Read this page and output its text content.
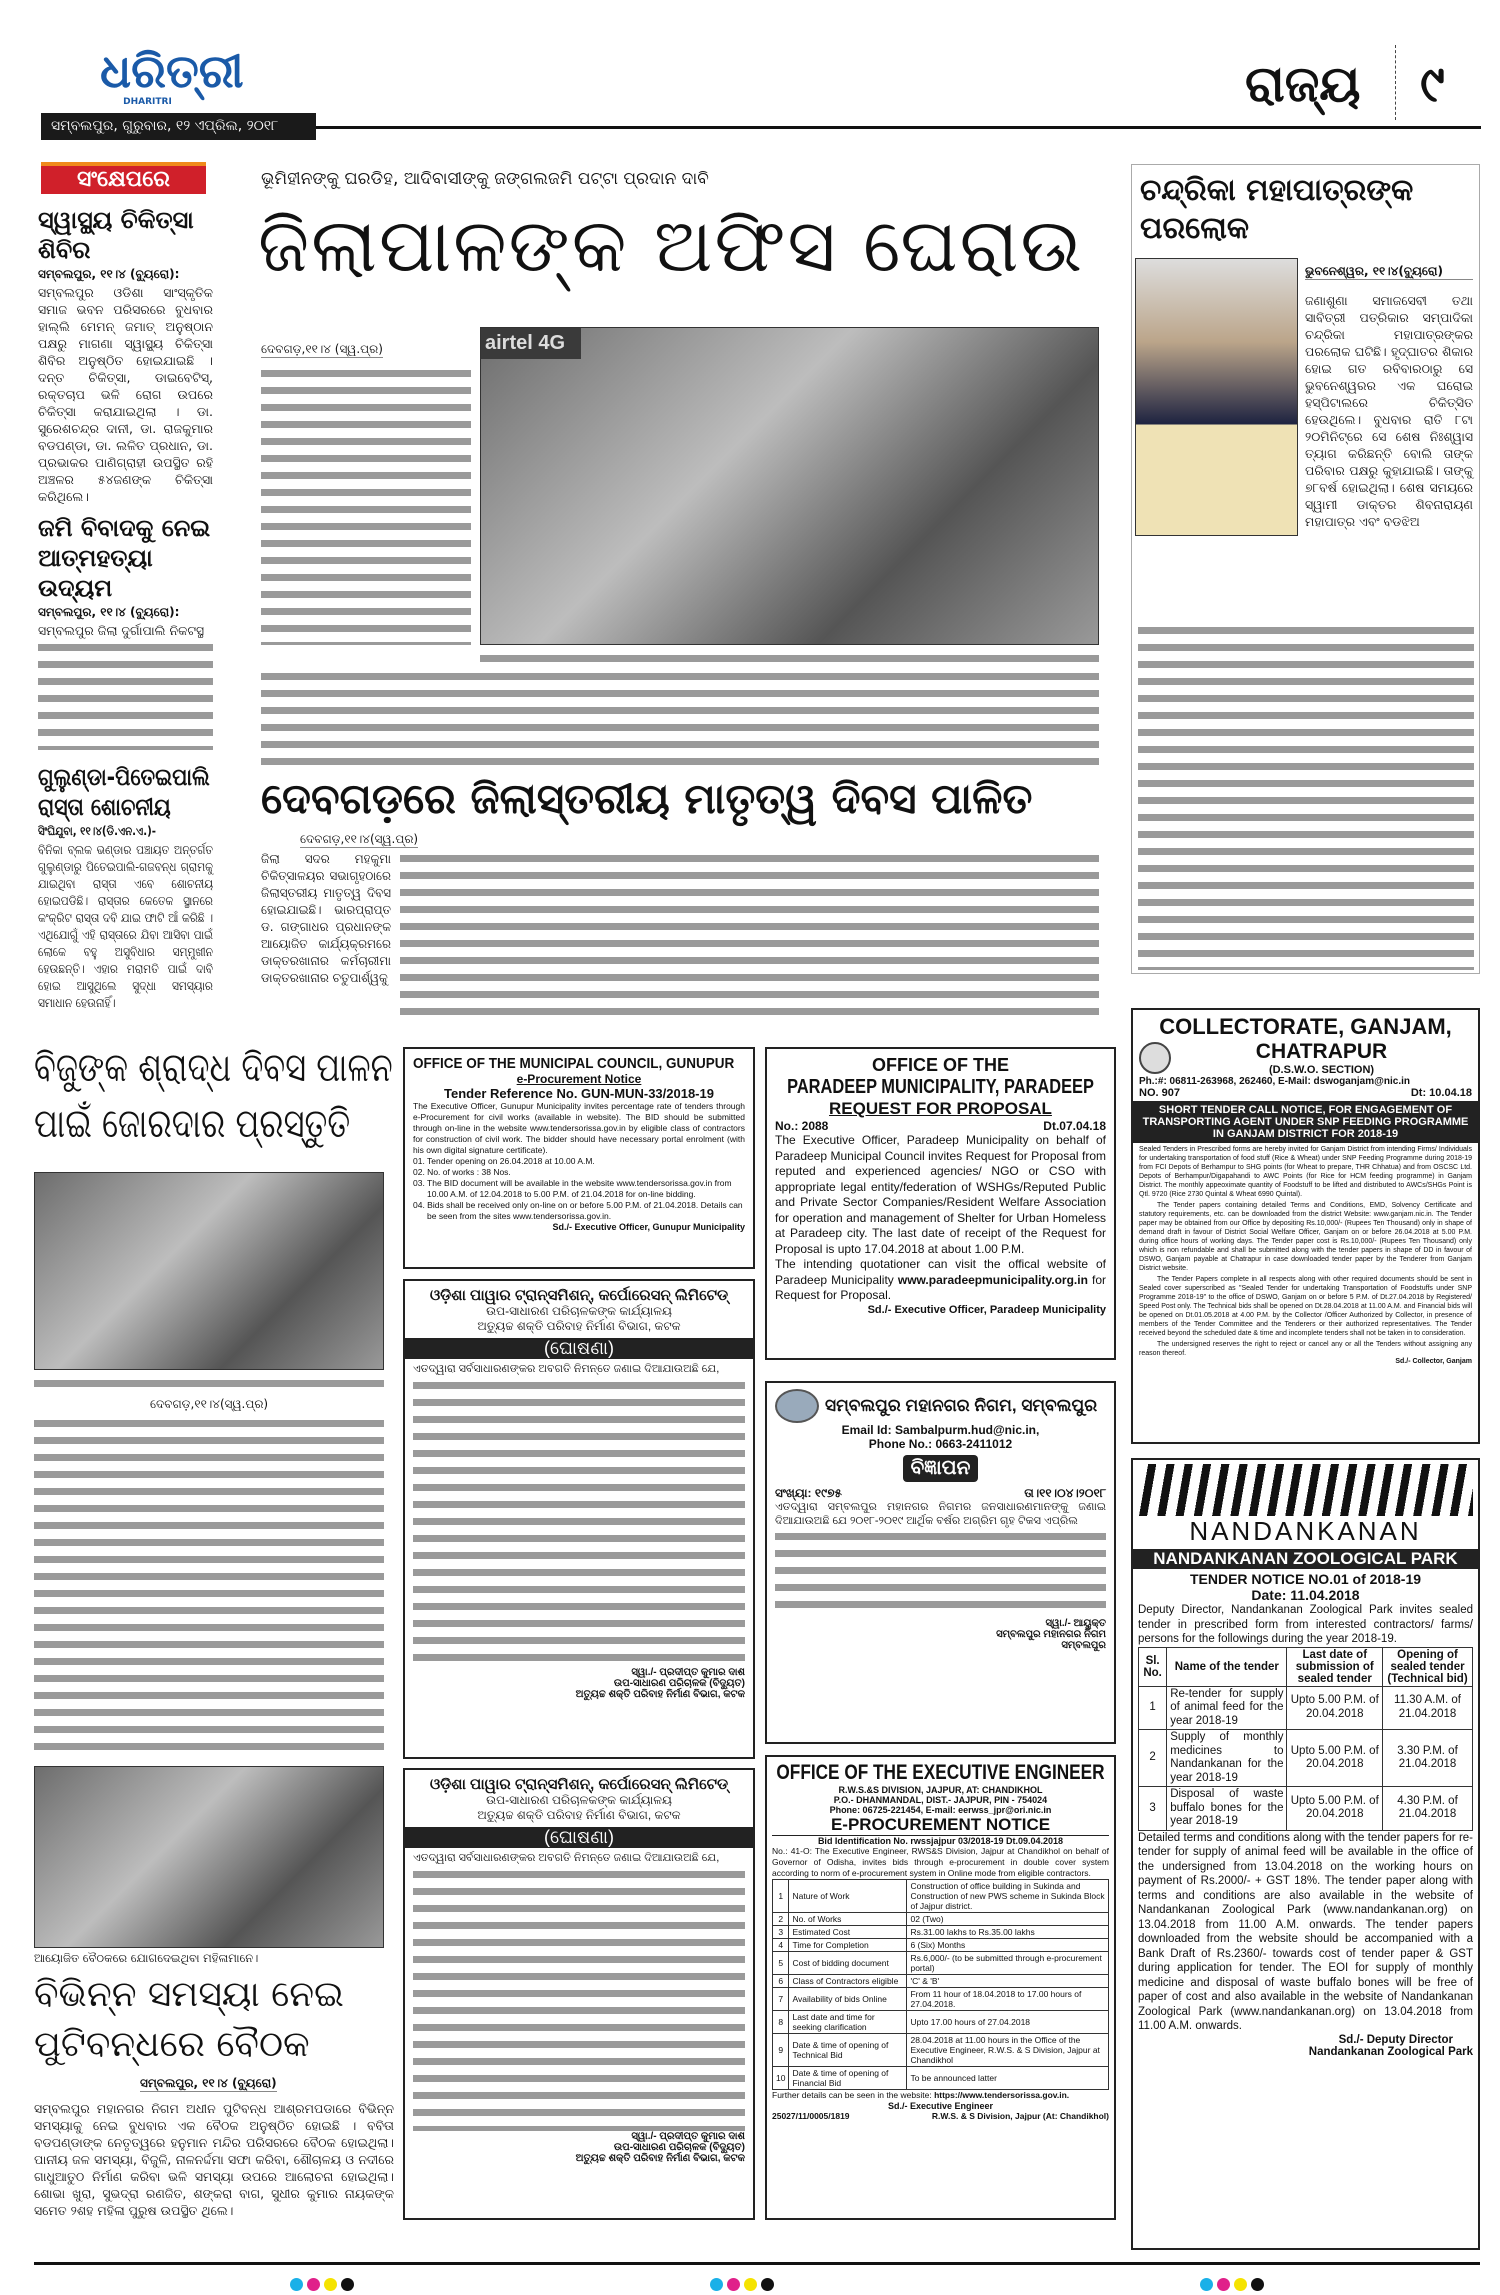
ଧରିତ୍ରୀ
DHARITRI
ସମ୍ବଲପୁର, ଗୁରୁବାର, ୧୨ ଏପ୍ରିଲ, ୨୦୧୮
ରାଜ୍ୟ ୯
ସଂକ୍ଷେପରେ
ସ୍ୱାସ୍ଥ୍ୟ ଚିକିତ୍ସା ଶିବିର
ସମ୍ବଲପୁର, ୧୧।୪ (ବ୍ୟୁରୋ):
ସମ୍ବଲପୁର ଓଡିଶା ସାଂସ୍କୃତିକ ସମାଜ ଭବନ ପରିସରରେ ବୁଧବାର ହାଲ୍ଲି ମେମନ୍ ଜମାତ୍ ଅନୁଷ୍ଠାନ ପକ୍ଷରୁ ମାଗଣା ସ୍ୱାସ୍ଥ୍ୟ ଚିକିତ୍ସା ଶିବିର ଅନୁଷ୍ଠିତ ହୋଇଯାଇଛି । ଦନ୍ତ ଚିକିତ୍ସା, ଡାଇବେଟିସ୍, ରକ୍ତଚାପ ଭଳି ରୋଗ ଉପରେ ଚିକିତ୍ସା କରାଯାଇଥିଲା । ଡା. ସୁରେଶଚନ୍ଦ୍ର ଦାନୀ, ଡା. ରାଜକୁମାର ବଡପଣ୍ଡା, ଡା. ଲଳିତ ପ୍ରଧାନ, ଡା. ପ୍ରଭାକର ପାଣିଗ୍ରାହୀ ଉପସ୍ଥିତ ରହି ଅଞ୍ଚଳର ୫୪ଜଣଙ୍କ ଚିକିତ୍ସା କରିଥିଲେ।
ଜମି ବିବାଦକୁ ନେଇ ଆତ୍ମହତ୍ୟା ଉଦ୍ୟମ
ସମ୍ବଲପୁର, ୧୧।୪ (ବ୍ୟୁରୋ):
ସମ୍ବଲପୁର ଜିଲା ଦୁର୍ଗାପାଲି ନିକଟସ୍ଥ
ଗୁଲୁଣ୍ଡା-ପିତେଇପାଲି ରାସ୍ତା ଶୋଚନୀୟ
ସିଂଘିଯୁବା, ୧୧।୪(ଡି.ଏନ.ଏ.)-
ବିନିକା ବ୍ଲକ ଭଣ୍ଡାର ପଞ୍ଚାୟତ ଅନ୍ତର୍ଗତ ଗୁଲୁଣ୍ଡାରୁ ପିତେଇପାଲି-ଗଜବନ୍ଧ ଗ୍ରାମକୁ ଯାଇଥିବା ରାସ୍ତା ଏବେ ଶୋଚନୀୟ ହୋଇପଡିଛି। ରାସ୍ତାର କେତେକ ସ୍ଥାନରେ କଂକ୍ରିଟ ରାସ୍ତା ଦବି ଯାଇ ଫାଟି ଆଁ କରିଛି । ଏଥିଯୋଗୁଁ ଏହି ରାସ୍ତାରେ ଯିବା ଆସିବା ପାଇଁ ଲୋକେ ବହୁ ଅସୁବିଧାର ସମ୍ମୁଖୀନ ହେଉଛନ୍ତି। ଏହାର ମରାମତି ପାଇଁ ଦାବି ହୋଇ ଆସୁଥିଲେ ସୁଦ୍ଧା ସମସ୍ୟାର ସମାଧାନ ହେଉନାହିଁ।
ଭୂମିହୀନଙ୍କୁ ଘରଡିହ, ଆଦିବାସୀଙ୍କୁ ଜଙ୍ଗଲଜମି ପଟ୍ଟା ପ୍ରଦାନ ଦାବି
ଜିଲାପାଳଙ୍କ ଅଫିସ ଘେରାଉ
ଦେବଗଡ଼,୧୧।୪ (ସ୍ୱ.ପ୍ର)	airtel 4G
ଚନ୍ଦ୍ରିକା ମହାପାତ୍ରଙ୍କ ପରଲୋକ
ଭୁବନେଶ୍ୱର, ୧୧।୪(ବ୍ୟୁରୋ)
ଜଣାଶୁଣା ସମାଜସେବୀ ତଥା ସାବିତ୍ରୀ ପତ୍ରିକାର ସମ୍ପାଦିକା ଚନ୍ଦ୍ରିକା ମହାପାତ୍ରଙ୍କର ପରଲୋକ ଘଟିଛି। ହୃଦ୍‌ଘାତର ଶିକାର ହୋଇ ଗତ ରବିବାରଠାରୁ ସେ ଭୁବନେଶ୍ୱରର ଏକ ଘରୋଇ ହସ୍ପିଟାଲରେ ଚିକିତ୍ସିତ ହେଉଥିଲେ। ବୁଧବାର ରାତି ୮ଟା ୨୦ମିନିଟ୍‌ରେ ସେ ଶେଷ ନିଃଶ୍ୱାସ ତ୍ୟାଗ କରିଛନ୍ତି ବୋଲି ତାଙ୍କ ପରିବାର ପକ୍ଷରୁ କୁହାଯାଇଛି। ତାଙ୍କୁ ୭୮ବର୍ଷ ହୋଇଥିଲା। ଶେଷ ସମୟରେ ସ୍ୱାମୀ ଡାକ୍ତର ଶିବନାରାୟଣ ମହାପାତ୍ର ଏବଂ ବଡଝିଅ
ଦେବଗଡ଼ରେ ଜିଲାସ୍ତରୀୟ ମାତୃତ୍ୱ ଦିବସ ପାଳିତ
ଦେବଗଡ଼,୧୧।୪(ସ୍ୱ.ପ୍ର)
ଜିଲା ସଦର ମହକୁମା ଚିକିତ୍ସାଳୟର ସଭାଗୃହଠାରେ ଜିଲାସ୍ତରୀୟ ମାତୃତ୍ୱ ଦିବସ ହୋଇଯାଇଛି। ଭାରପ୍ରାପ୍ତ ଡ. ଗଙ୍ଗାଧର ପ୍ରଧାନଙ୍କ ଆୟୋଜିତ କାର୍ଯ୍ୟକ୍ରମରେ ଡାକ୍ତରଖାନାର କର୍ମଚାରୀମା ଡାକ୍ତରଖାନାର ଚତୁପାର୍ଶ୍ୱକୁ
ବିଜୁଙ୍କ ଶ୍ରାଦ୍ଧ ଦିବସ ପାଳନ ପାଇଁ ଜୋରଦାର ପ୍ରସ୍ତୁତି
ଦେବଗଡ଼,୧୧।୪(ସ୍ୱ.ପ୍ର)
ଆୟୋଜିତ ବୈଠକରେ ଯୋଗଦେଇଥିବା ମହିଳାମାନେ।
ବିଭିନ୍ନ ସମସ୍ୟା ନେଇ ପୁଟିବନ୍ଧରେ ବୈଠକ
ସମ୍ବଲପୁର, ୧୧।୪ (ବ୍ୟୁରୋ)
ସମ୍ବଲପୁର ମହାନଗର ନିଗମ ଅଧୀନ ପୁଟିବନ୍ଧ ଆଶ୍ରମପଡାରେ ବିଭିନ୍ନ ସମସ୍ୟାକୁ ନେଇ ବୁଧବାର ଏକ ବୈଠକ ଅନୁଷ୍ଠିତ ହୋଇଛି । ବବିତା ବଡପଣ୍ଡାଙ୍କ ନେତୃତ୍ୱରେ ହନୁମାନ ମନ୍ଦିର ପରିସରରେ ବୈଠକ ହୋଇଥିଲା। ପାନୀୟ ଜଳ ସମସ୍ୟା, ବିଜୁଳି, ନାଳନର୍ଦ୍ଦମା ସଫା କରିବା, ଶୌଚାଳୟ ଓ ନଦୀରେ ଗାଧୁଆତୁଠ ନିର୍ମାଣ କରିବା ଭଳି ସମସ୍ୟା ଉପରେ ଆଲୋଚନା ହୋଇଥିଲା। ଶୋଭା ଖୁରା, ସୁଭଦ୍ରା ରଣଜିତ, ଶଙ୍କରା ବାଗ, ସୁଧୀର କୁମାର ନାୟକଙ୍କ ସମେତ ୨ଶହ ମହିଳା ପୁରୁଷ ଉପସ୍ଥିତ ଥିଲେ।
OFFICE OF THE MUNICIPAL COUNCIL, GUNUPUR
e-Procurement Notice
Tender Reference No. GUN-MUN-33/2018-19

The Executive Officer, Gunupur Municipality invites percentage rate of tenders through e-Procurement for civil works (available in website). The BID should be submitted through on-line in the website www.tendersorissa.gov.in by eligible class of contractors for construction of civil work. The bidder should have necessary portal enrolment (with his own digital signature certificate).

01. Tender opening on 26.04.2018 at 10.00 A.M.
02. No. of works : 38 Nos.
03. The BID document will be available in the website www.tendersorissa.gov.in from 10.00 A.M. of 12.04.2018 to 5.00 P.M. of 21.04.2018 for on-line bidding.
04. Bids shall be received only on-line on or before 5.00 P.M. of 21.04.2018. Details can be seen from the sites www.tendersorissa.gov.in.
Sd./- Executive Officer, Gunupur Municipality
ଓଡ଼ିଶା ପାୱାର ଟ୍ରାନ୍ସମିଶନ୍, କର୍ପୋରେସନ୍ ଲିମିଟେଡ୍
ଉପ-ସାଧାରଣ ପରିଚାଳକଙ୍କ କାର୍ଯ୍ୟାଳୟ
ଅତ୍ୟୁଚ୍ଚ ଶକ୍ତି ପରିବାହ ନିର୍ମାଣ ବିଭାଗ, କଟକ
(ଘୋଷଣା)

ଏତଦ୍ୱାରା ସର୍ବସାଧାରଣଙ୍କର ଅବଗତି ନିମନ୍ତେ ଜଣାଇ ଦିଆଯାଉଅଛି ଯେ,

ସ୍ୱା./- ପ୍ରଦୀପ୍ତ କୁମାର ଦାଶ
ଉପ-ସାଧାରଣ ପରିଚାଳକ (ବିଦ୍ୟୁତ)
ଅତ୍ୟୁଚ୍ଚ ଶକ୍ତି ପରିବାହ ନିର୍ମାଣ ବିଭାଗ, କଟକ
ଓଡ଼ିଶା ପାୱାର ଟ୍ରାନ୍ସମିଶନ୍, କର୍ପୋରେସନ୍ ଲିମିଟେଡ୍
ଉପ-ସାଧାରଣ ପରିଚାଳକଙ୍କ କାର୍ଯ୍ୟାଳୟ
ଅତ୍ୟୁଚ୍ଚ ଶକ୍ତି ପରିବାହ ନିର୍ମାଣ ବିଭାଗ, କଟକ
(ଘୋଷଣା)

ଏତଦ୍ୱାରା ସର୍ବସାଧାରଣଙ୍କର ଅବଗତି ନିମନ୍ତେ ଜଣାଇ ଦିଆଯାଉଅଛି ଯେ,

ସ୍ୱା./- ପ୍ରଦୀପ୍ତ କୁମାର ଦାଶ
ଉପ-ସାଧାରଣ ପରିଚାଳକ (ବିଦ୍ୟୁତ)
ଅତ୍ୟୁଚ୍ଚ ଶକ୍ତି ପରିବାହ ନିର୍ମାଣ ବିଭାଗ, କଟକ
OFFICE OF THE
PARADEEP MUNICIPALITY, PARADEEP
REQUEST FOR PROPOSAL
No.: 2088	Dt.07.04.18

The Executive Officer, Paradeep Municipality on behalf of Paradeep Municipal Council invites Request for Proposal from reputed and experienced agencies/ NGO or CSO with appropriate legal entity/federation of WSHGs/Reputed Public and Private Sector Companies/Resident Welfare Association for operation and management of Shelter for Urban Homeless at Paradeep city. The last date of receipt of the Request for Proposal is upto 17.04.2018 at about 1.00 P.M.

The intending quotationer can visit the offical website of Paradeep Municipality www.paradeepmunicipality.org.in for Request for Proposal.

Sd./- Executive Officer, Paradeep Municipality
ସମ୍ବଲପୁର ମହାନଗର ନିଗମ, ସମ୍ବଲପୁର
Email Id: Sambalpurm.hud@nic.in,
Phone No.: 0663-2411012
ବିଜ୍ଞାପନ
ସଂଖ୍ୟା: ୧୯୭୫	ତା।୧୧।୦୪।୨୦୧୮

ଏତଦ୍ୱାରା ସମ୍ବଲପୁର ମହାନଗର ନିଗମର ଜନସାଧାରଣମାନଙ୍କୁ ଜଣାଇ ଦିଆଯାଉଅଛି ଯେ ୨୦୧୮-୨୦୧୯ ଆର୍ଥିକ ବର୍ଷର ଅଗ୍ରିମ ଗୃହ ଟିକସ ଏପ୍ରିଲ

ସ୍ୱା./- ଆୟୁକ୍ତ
ସମ୍ବଲପୁର ମହାନଗର ନିଗମ
ସମ୍ବଲପୁର
OFFICE OF THE EXECUTIVE ENGINEER
R.W.S.&S DIVISION, JAJPUR, AT: CHANDIKHOL
P.O.- DHANMANDAL, DIST.- JAJPUR, PIN - 754024
Phone: 06725-221454, E-mail: eerwss_jpr@ori.nic.in
E-PROCUREMENT NOTICE
Bid Identification No. rwssjajpur 03/2018-19 Dt.09.04.2018

No.: 41-O: The Executive Engineer, RWS&S Division, Jajpur at Chandikhol on behalf of Governor of Odisha, invites bids through e-procurement in double cover system according to norm of e-procurement system in Online mode from eligible contractors.

1	Nature of Work	Construction of office building in Sukinda and Construction of new PWS scheme in Sukinda Block of Jajpur district.
2	No. of Works	02 (Two)
3	Estimated Cost	Rs.31.00 lakhs to Rs.35.00 lakhs
4	Time for Completion	6 (Six) Months
5	Cost of bidding document	Rs.6,000/- (to be submitted through e-procurement portal)
6	Class of Contractors eligible	'C' & 'B'
7	Availability of bids Online	From 11 hour of 18.04.2018 to 17.00 hours of 27.04.2018.
8	Last date and time for seeking clarification	Upto 17.00 hours of 27.04.2018
9	Date & time of opening of Technical Bid	28.04.2018 at 11.00 hours in the Office of the Executive Engineer, R.W.S. & S Division, Jajpur at Chandikhol
10	Date & time of opening of Financial Bid	To be announced latter

Further details can be seen in the website: https://www.tendersorissa.gov.in.

Sd./- Executive Engineer
25027/11/0005/1819	R.W.S. & S Division, Jajpur (At: Chandikhol)
COLLECTORATE, GANJAM,
CHATRAPUR
(D.S.W.O. SECTION)
Ph.:#: 06811-263968, 262460, E-Mail: dswoganjam@nic.in
NO. 907	Dt: 10.04.18
SHORT TENDER CALL NOTICE, FOR ENGAGEMENT OF TRANSPORTING AGENT UNDER SNP FEEDING PROGRAMME IN GANJAM DISTRICT FOR 2018-19

Sealed Tenders in Prescribed forms are hereby invited for Ganjam District from intending Firms/ Individuals for undertaking transportation of food stuff (Rice & Wheat) under SNP Feeding Programme during 2018-19 from FCI Depots of Berhampur to SHG points (for Wheat to prepare, THR Chhatua) and from OSCSC Ltd. Depots of Berhampur/Digapahandi to AWC Points (for Rice for HCM feeding programme) in Ganjam District. The monthly appeoximate quantity of Foodstuff to be lifted and distributed to AWCs/SHGs Point is Qtl. 9720 (Rice 2730 Quintal & Wheat 6990 Quintal).

The Tender papers containing detailed Terms and Conditions, EMD, Solvency Certificate and statutory requirements, etc. can be downloaded from the district Website: www.ganjam.nic.in. The Tender paper may be obtained from our Office by depositing Rs.10,000/- (Rupees Ten Thousand) only in shape of demand draft in favour of District Social Welfare Officer, Ganjam on or before 26.04.2018 at 5.00 P.M. during office hours of working days. The Tender paper cost is Rs.10,000/- (Rupees Ten Thousand) only which is non refundable and shall be submitted along with the tender papers in shape of DD in favour of DSWO, Ganjam payable at Chatrapur in case downloaded tender paper by the Tenderer from Ganjam District website.

The Tender Papers complete in all respects along with other required documents should be sent in Sealed cover superscribed as "Sealed Tender for undertaking Transportation of Foodstuffs under SNP Programme 2018-19" to the office of DSWO, Ganjam on or before 5 P.M. of Dt.27.04.2018 by Registered/ Speed Post only. The Technical bids shall be opened on Dt.28.04.2018 at 11.00 A.M. and Financial bids will be opened on Dt.01.05.2018 at 4.00 P.M. by the Collector /Officer Authorized by Collector, in presence of members of the Tender Committee and the Tenderers or their authorized representatives. The Tender received beyond the scheduled date & time and incomplete tenders shall not be taken in to consideration.

The undersigned reserves the right to reject or cancel any or all the Tenders without assigning any reason thereof.

Sd./- Collector, Ganjam
NANDANKANAN
NANDANKANAN ZOOLOGICAL PARK
TENDER NOTICE NO.01 of 2018-19
Date: 11.04.2018

Deputy Director, Nandankanan Zoological Park invites sealed tender in prescribed form from interested contractors/ farms/ persons for the followings during the year 2018-19.

Sl. No.	Name of the tender	Last date of submission of sealed tender	Opening of sealed tender (Technical bid)
1	Re-tender for supply of animal feed for the year 2018-19	Upto 5.00 P.M. of 20.04.2018	11.30 A.M. of 21.04.2018
2	Supply of monthly medicines to Nandankanan for the year 2018-19	Upto 5.00 P.M. of 20.04.2018	3.30 P.M. of 21.04.2018
3	Disposal of waste buffalo bones for the year 2018-19	Upto 5.00 P.M. of 20.04.2018	4.30 P.M. of 21.04.2018

Detailed terms and conditions along with the tender papers for re-tender for supply of animal feed will be available in the office of the undersigned from 13.04.2018 on the working hours on payment of Rs.2000/- + GST 18%. The tender paper along with terms and conditions are also available in the website of Nandankanan Zoological Park (www.nandankanan.org) on 13.04.2018 from 11.00 A.M. onwards. The tender papers downloaded from the website should be accompanied with a Bank Draft of Rs.2360/- towards cost of tender paper & GST during application for tender. The EOI for supply of monthly medicine and disposal of waste buffalo bones will be free of paper of cost and also available in the website of Nandankanan Zoological Park (www.nandankanan.org) on 13.04.2018 from 11.00 A.M. onwards.

Sd./- Deputy Director
Nandankanan Zoological Park
